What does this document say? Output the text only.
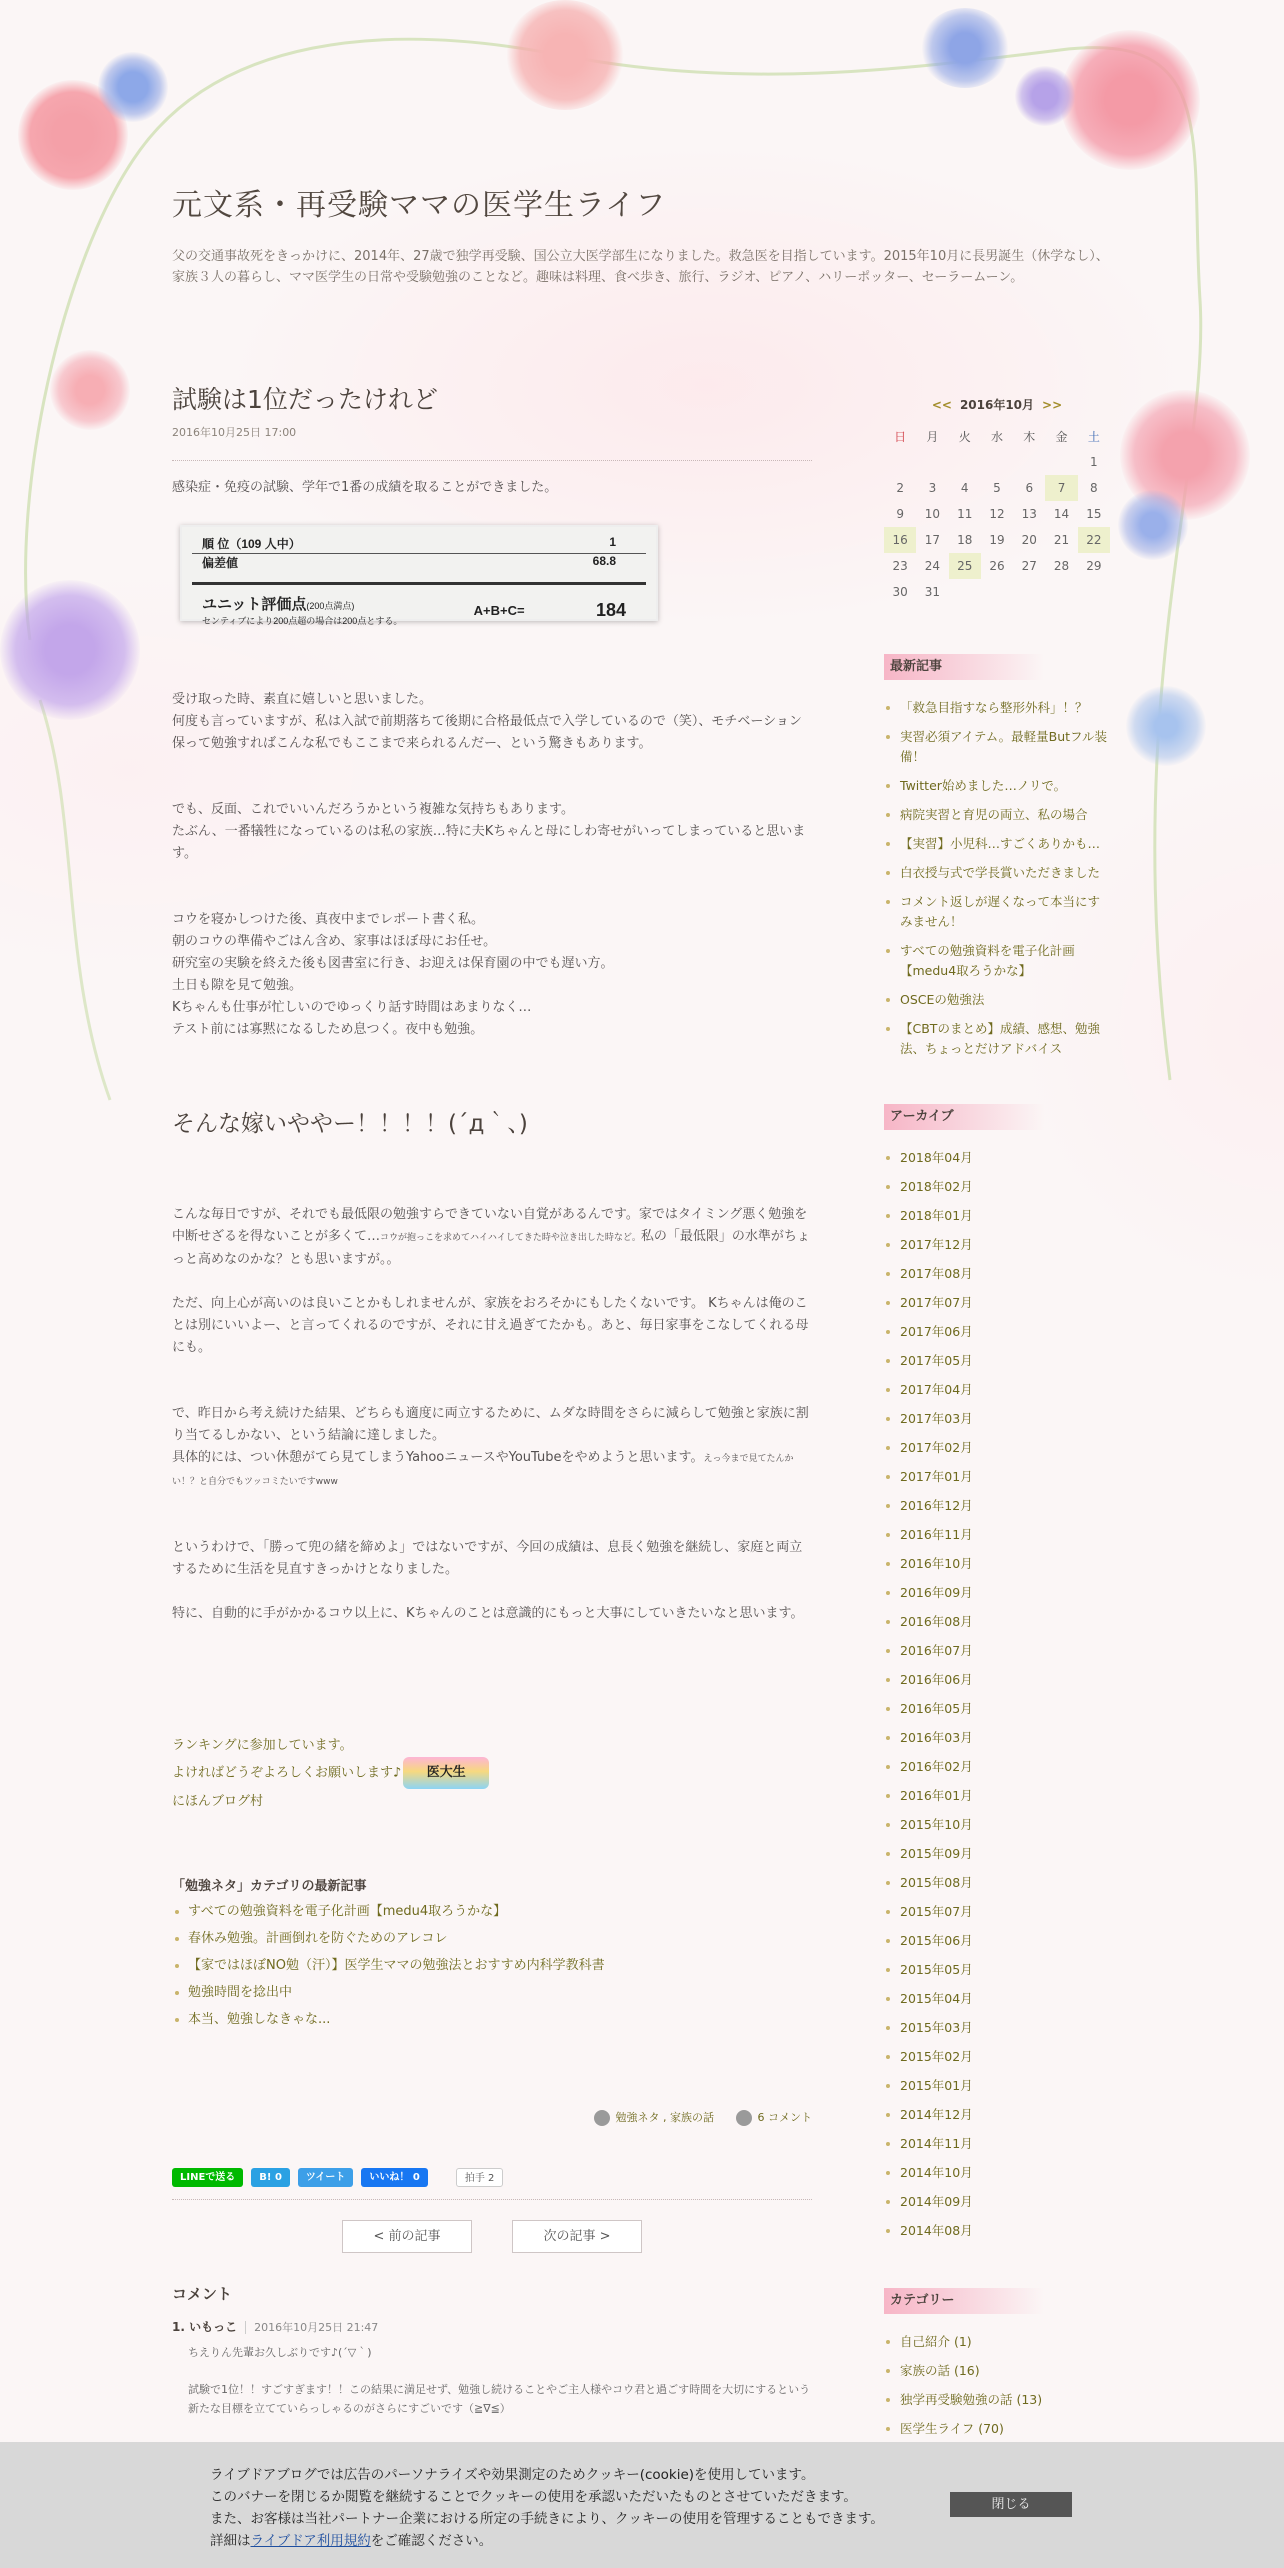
元文系・再受験ママの医学生ライフ

父の交通事故死をきっかけに、2014年、27歳で独学再受験、国公立大医学部生になりました。救急医を目指しています。2015年10月に長男誕生（休学なし）、家族３人の暮らし、ママ医学生の日常や受験勉強のことなど。趣味は料理、食べ歩き、旅行、ラジオ、ピアノ、ハリーポッター、セーラームーン。

試験は1位だったけれど
2016年10月25日 17:00

感染症・免疫の試験、学年で1番の成績を取ることができました。

順 位（109 人中）	1
偏差値	68.8
ユニット評価点(200点満点)
センティブにより200点超の場合は200点とする。
A+B+C=	184

受け取った時、素直に嬉しいと思いました。

何度も言っていますが、私は入試で前期落ちて後期に合格最低点で入学しているので（笑）、モチベーション保って勉強すればこんな私でもここまで来られるんだー、という驚きもあります。

でも、反面、これでいいんだろうかという複雑な気持ちもあります。

たぶん、一番犠牲になっているのは私の家族…特に夫Kちゃんと母にしわ寄せがいってしまっていると思います。

コウを寝かしつけた後、真夜中までレポート書く私。

朝のコウの準備やごはん含め、家事はほぼ母にお任せ。

研究室の実験を終えた後も図書室に行き、お迎えは保育園の中でも遅い方。

土日も隙を見て勉強。

Kちゃんも仕事が忙しいのでゆっくり話す時間はあまりなく…

テスト前には寡黙になるしため息つく。夜中も勉強。

そんな嫁いややー！！！！(´д｀、)

こんな毎日ですが、それでも最低限の勉強すらできていない自覚があるんです。家ではタイミング悪く勉強を中断せざるを得ないことが多くて…コウが抱っこを求めてハイハイしてきた時や泣き出した時など。私の「最低限」の水準がちょっと高めなのかな？とも思いますが。。

ただ、向上心が高いのは良いことかもしれませんが、家族をおろそかにもしたくないです。 Kちゃんは俺のことは別にいいよー、と言ってくれるのですが、それに甘え過ぎてたかも。あと、毎日家事をこなしてくれる母にも。

で、昨日から考え続けた結果、どちらも適度に両立するために、ムダな時間をさらに減らして勉強と家族に割り当てるしかない、という結論に達しました。

具体的には、つい休憩がてら見てしまうYahooニュースやYouTubeをやめようと思います。えっ今まで見てたんかい！？と自分でもツッコミたいですwww

というわけで、「勝って兜の緒を締めよ」ではないですが、今回の成績は、息長く勉強を継続し、家庭と両立するために生活を見直すきっかけとなりました。

特に、自動的に手がかかるコウ以上に、Kちゃんのことは意識的にもっと大事にしていきたいなと思います。

ランキングに参加しています。
よければどうぞよろしくお願いします♪ 医大生
にほんブログ村
「勉強ネタ」カテゴリの最新記事
すべての勉強資料を電子化計画【medu4取ろうかな】
春休み勉強。計画倒れを防ぐためのアレコレ
【家ではほぼNO勉（汗）】医学生ママの勉強法とおすすめ内科学教科書
勉強時間を捻出中
本当、勉強しなきゃな...
勉強ネタ , 家族の話	6 コメント
LINEで送る	B! 0	ツイート	いいね！ 0	拍手 2
< 前の記事	次の記事 >
コメント
1. いもっこ 2016年10月25日 21:47
ちえりん先輩お久しぶりです♪(´▽｀)
試験で1位！！すごすぎます！！この結果に満足せず、勉強し続けることやご主人様やコウ君と過ごす時間を大切にするという新たな目標を立てていらっしゃるのがさらにすごいです（≧∇≦）
<< 2016年10月 >>
日	月	火	水	木	金	土
						1
2	3	4	5	6	7	8
9	10	11	12	13	14	15
16	17	18	19	20	21	22
23	24	25	26	27	28	29
30	31					
最新記事
「救急目指すなら整形外科」！？
実習必須アイテム。最軽量Butフル装備！
Twitter始めました…ノリで。
病院実習と育児の両立、私の場合
【実習】小児科…すごくありかも…
白衣授与式で学長賞いただきました
コメント返しが遅くなって本当にすみません！
すべての勉強資料を電子化計画【medu4取ろうかな】
OSCEの勉強法
【CBTのまとめ】成績、感想、勉強法、ちょっとだけアドバイス
アーカイブ
2018年04月
2018年02月
2018年01月
2017年12月
2017年08月
2017年07月
2017年06月
2017年05月
2017年04月
2017年03月
2017年02月
2017年01月
2016年12月
2016年11月
2016年10月
2016年09月
2016年08月
2016年07月
2016年06月
2016年05月
2016年03月
2016年02月
2016年01月
2015年10月
2015年09月
2015年08月
2015年07月
2015年06月
2015年05月
2015年04月
2015年03月
2015年02月
2015年01月
2014年12月
2014年11月
2014年10月
2014年09月
2014年08月
カテゴリー
自己紹介 (1)
家族の話 (16)
独学再受験勉強の話 (13)
医学生ライフ (70)
ライブドアブログでは広告のパーソナライズや効果測定のためクッキー(cookie)を使用しています。
このバナーを閉じるか閲覧を継続することでクッキーの使用を承認いただいたものとさせていただきます。
また、お客様は当社パートナー企業における所定の手続きにより、クッキーの使用を管理することもできます。
詳細はライブドア利用規約をご確認ください。
閉じる
